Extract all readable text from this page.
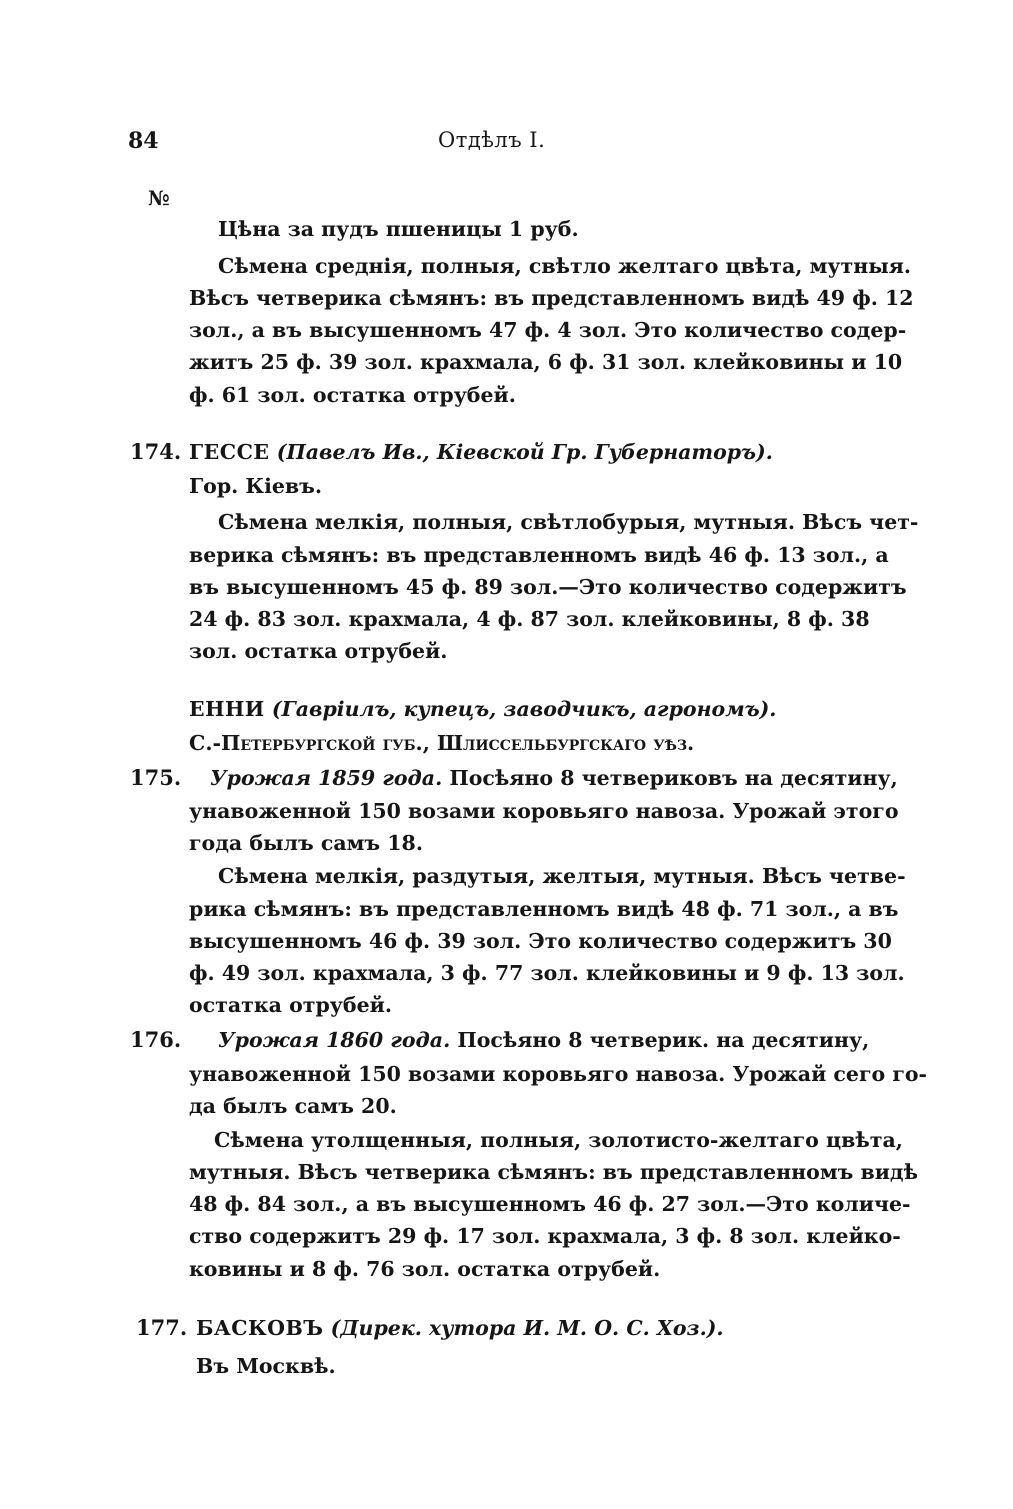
84	Отдѣлъ I.
№
Цѣна за пудъ пшеницы 1 руб.
Сѣмена среднія, полныя, свѣтло желтаго цвѣта, мутныя.
Вѣсъ четверика сѣмянъ: въ представленномъ видѣ 49 ф. 12
зол., а въ высушенномъ 47 ф. 4 зол. Это количество содер-
житъ 25 ф. 39 зол. крахмала, 6 ф. 31 зол. клейковины и 10
ф. 61 зол. остатка отрубей.
174. ГЕССЕ (Павелъ Ив., Кіевской Гр. Губернаторъ).
Гор. Кіевъ.
Сѣмена мелкія, полныя, свѣтлобурыя, мутныя. Вѣсъ чет-
верика сѣмянъ: въ представленномъ видѣ 46 ф. 13 зол., а
въ высушенномъ 45 ф. 89 зол.—Это количество содержитъ
24 ф. 83 зол. крахмала, 4 ф. 87 зол. клейковины, 8 ф. 38
зол. остатка отрубей.
ЕННИ (Гавріилъ, купецъ, заводчикъ, агрономъ).
С.-Петербургской губ., Шлиссельбургскаго уѣз.
175. Урожая 1859 года. Посѣяно 8 четвериковъ на десятину,
унавоженной 150 возами коровьяго навоза. Урожай этого
года былъ самъ 18.
Сѣмена мелкія, раздутыя, желтыя, мутныя. Вѣсъ четве-
рика сѣмянъ: въ представленномъ видѣ 48 ф. 71 зол., а въ
высушенномъ 46 ф. 39 зол. Это количество содержитъ 30
ф. 49 зол. крахмала, 3 ф. 77 зол. клейковины и 9 ф. 13 зол.
остатка отрубей.
176. Урожая 1860 года. Посѣяно 8 четверик. на десятину,
унавоженной 150 возами коровьяго навоза. Урожай сего го-
да былъ самъ 20.
Сѣмена утолщенныя, полныя, золотисто-желтаго цвѣта,
мутныя. Вѣсъ четверика сѣмянъ: въ представленномъ видѣ
48 ф. 84 зол., а въ высушенномъ 46 ф. 27 зол.—Это количе-
ство содержитъ 29 ф. 17 зол. крахмала, 3 ф. 8 зол. клейко-
ковины и 8 ф. 76 зол. остатка отрубей.
177. БАСКОВЪ (Дирек. хутора И. М. О. С. Хоз.).
Въ Москвѣ.
